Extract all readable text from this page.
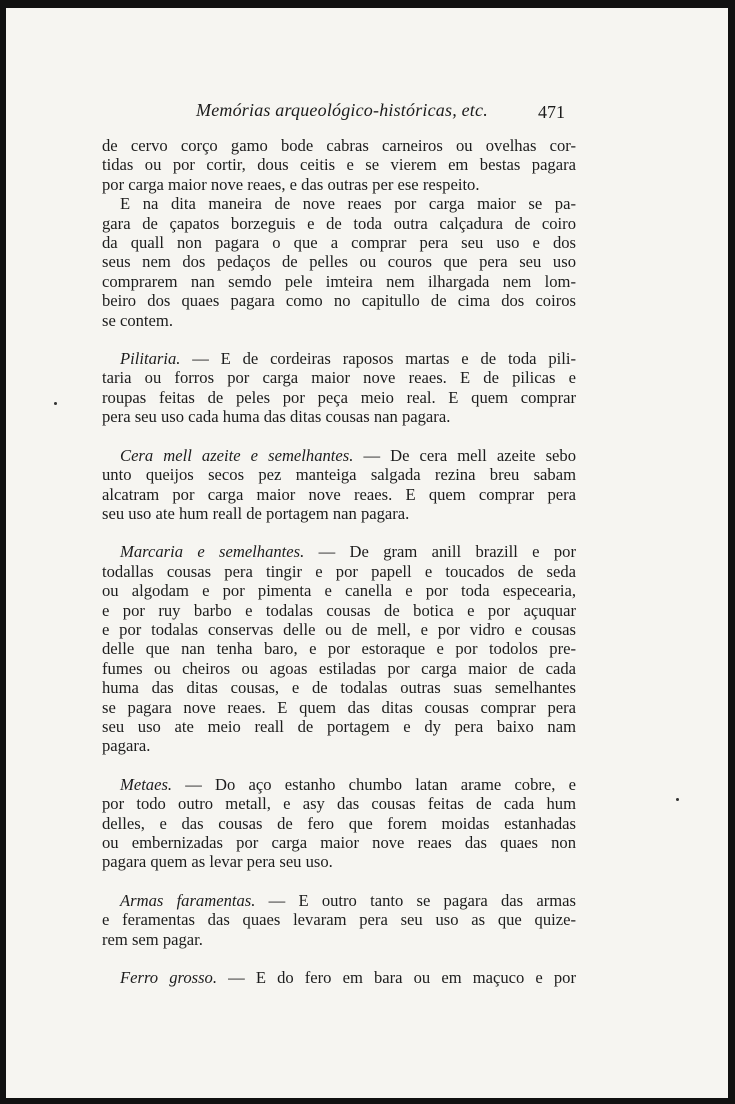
Memórias arqueológico-históricas, etc.	471

de cervo corço gamo bode cabras carneiros ou ovelhas cor-
tidas ou por cortir, dous ceitis e se vierem em bestas pagara
por carga maior nove reaes, e das outras per ese respeito.

E na dita maneira de nove reaes por carga maior se pa-
gara de çapatos borzeguis e de toda outra calçadura de coiro
da quall non pagara o que a comprar pera seu uso e dos
seus nem dos pedaços de pelles ou couros que pera seu uso
comprarem nan semdo pele imteira nem ilhargada nem lom-
beiro dos quaes pagara como no capitullo de cima dos coiros
se contem.

Pilitaria. — E de cordeiras raposos martas e de toda pili-
taria ou forros por carga maior nove reaes. E de pilicas e
roupas feitas de peles por peça meio real. E quem comprar
pera seu uso cada huma das ditas cousas nan pagara.

Cera mell azeite e semelhantes. — De cera mell azeite sebo
unto queijos secos pez manteiga salgada rezina breu sabam
alcatram por carga maior nove reaes. E quem comprar pera
seu uso ate hum reall de portagem nan pagara.

Marcaria e semelhantes. — De gram anill brazill e por
todallas cousas pera tingir e por papell e toucados de seda
ou algodam e por pimenta e canella e por toda especearia,
e por ruy barbo e todalas cousas de botica e por açuquar
e por todalas conservas delle ou de mell, e por vidro e cousas
delle que nan tenha baro, e por estoraque e por todolos pre-
fumes ou cheiros ou agoas estiladas por carga maior de cada
huma das ditas cousas, e de todalas outras suas semelhantes
se pagara nove reaes. E quem das ditas cousas comprar pera
seu uso ate meio reall de portagem e dy pera baixo nam
pagara.

Metaes. — Do aço estanho chumbo latan arame cobre, e
por todo outro metall, e asy das cousas feitas de cada hum
delles, e das cousas de fero que forem moidas estanhadas
ou embernizadas por carga maior nove reaes das quaes non
pagara quem as levar pera seu uso.

Armas faramentas. — E outro tanto se pagara das armas
e feramentas das quaes levaram pera seu uso as que quize-
rem sem pagar.

Ferro grosso. — E do fero em bara ou em maçuco e por
